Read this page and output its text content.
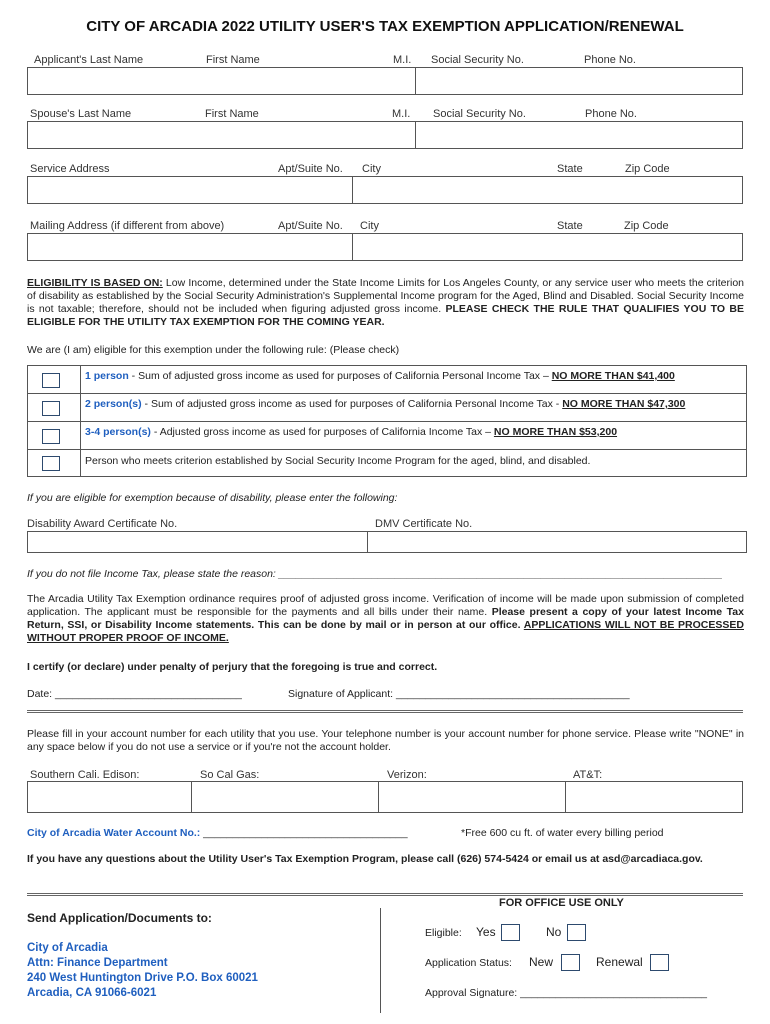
CITY OF ARCADIA 2022 UTILITY USER'S TAX EXEMPTION APPLICATION/RENEWAL
Applicant's Last Name	First Name	M.I. Social Security No.	Phone No.
Spouse's Last Name	First Name	M.I. Social Security No.	Phone No.
Service Address	Apt/Suite No. City	State	Zip Code
Mailing Address (if different from above)	Apt/Suite No. City	State	Zip Code
ELIGIBILITY IS BASED ON: Low Income, determined under the State Income Limits for Los Angeles County, or any service user who meets the criterion of disability as established by the Social Security Administration's Supplemental Income program for the Aged, Blind and Disabled. Social Security Income is not taxable; therefore, should not be included when figuring adjusted gross income. PLEASE CHECK THE RULE THAT QUALIFIES YOU TO BE ELIGIBLE FOR THE UTILITY TAX EXEMPTION FOR THE COMING YEAR.
We are (I am) eligible for this exemption under the following rule: (Please check)
1 person - Sum of adjusted gross income as used for purposes of California Personal Income Tax – NO MORE THAN $41,400
2 person(s) - Sum of adjusted gross income as used for purposes of California Personal Income Tax - NO MORE THAN $47,300
3-4 person(s) - Adjusted gross income as used for purposes of California Income Tax – NO MORE THAN $53,200
Person who meets criterion established by Social Security Income Program for the aged, blind, and disabled.
If you are eligible for exemption because of disability, please enter the following:
Disability Award Certificate No.	DMV Certificate No.
If you do not file Income Tax, please state the reason: ____________________________________________________________________________
The Arcadia Utility Tax Exemption ordinance requires proof of adjusted gross income. Verification of income will be made upon submission of completed application. The applicant must be responsible for the payments and all bills under their name. Please present a copy of your latest Income Tax Return, SSI, or Disability Income statements. This can be done by mail or in person at our office. APPLICATIONS WILL NOT BE PROCESSED WITHOUT PROPER PROOF OF INCOME.
I certify (or declare) under penalty of perjury that the foregoing is true and correct.
Date: ________________________________	Signature of Applicant: ________________________________________
Please fill in your account number for each utility that you use. Your telephone number is your account number for phone service. Please write "NONE" in any space below if you do not use a service or if you're not the account holder.
Southern Cali. Edison:	So Cal Gas:	Verizon:	AT&T:
City of Arcadia Water Account No.: ___________________________________	*Free 600 cu ft. of water every billing period
If you have any questions about the Utility User's Tax Exemption Program, please call (626) 574-5424 or email us at asd@arcadiaca.gov.
Send Application/Documents to:
City of Arcadia
Attn: Finance Department
240 West Huntington Drive P.O. Box 60021
Arcadia, CA 91066-6021
FOR OFFICE USE ONLY
Eligible: Yes	No
Application Status: New	Renewal
Approval Signature: ________________________________
